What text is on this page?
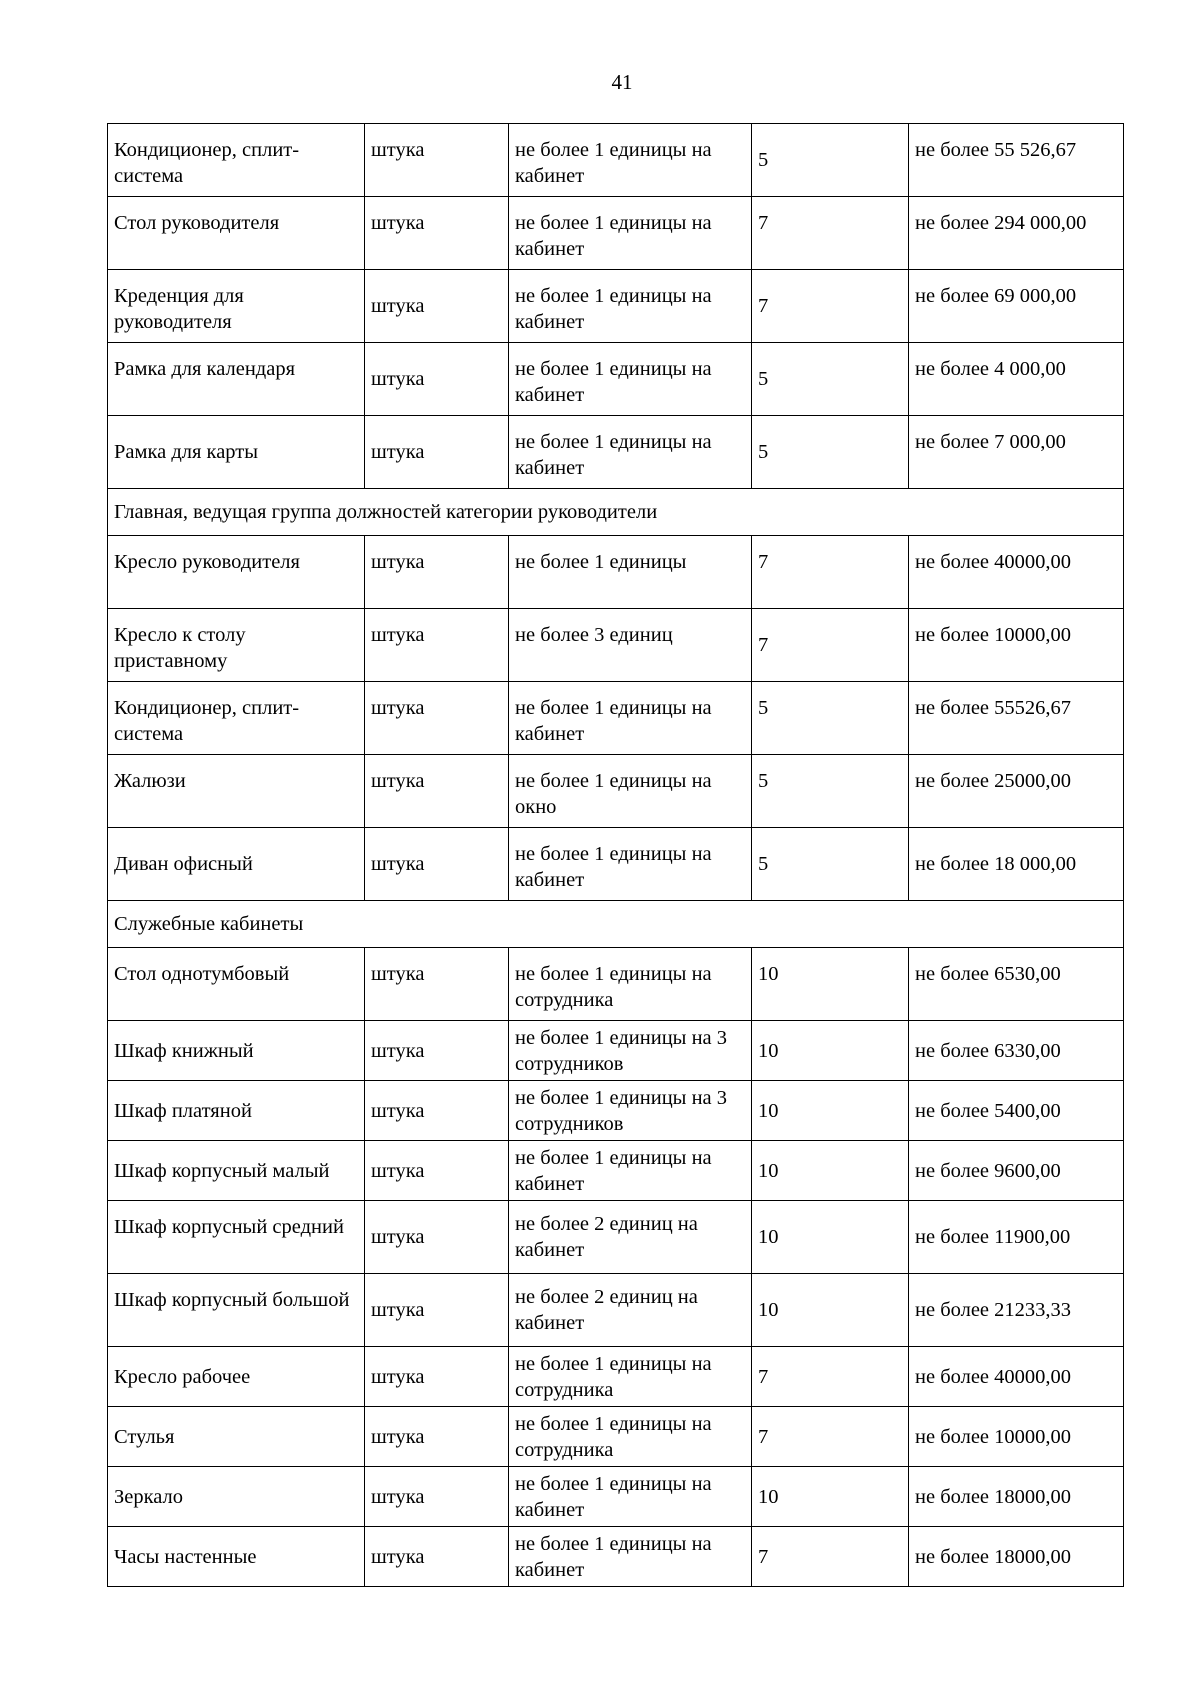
41
Кондиционер, сплит-система	штука	не более 1 единицы на кабинет	5	не более 55 526,67
Стол руководителя	штука	не более 1 единицы на кабинет	7	не более 294 000,00
Креденция для руководителя	штука	не более 1 единицы на кабинет	7	не более 69 000,00
Рамка для календаря	штука	не более 1 единицы на кабинет	5	не более 4 000,00
Рамка для карты	штука	не более 1 единицы на кабинет	5	не более 7 000,00
Главная, ведущая группа должностей категории руководители				
Кресло руководителя	штука	не более 1 единицы	7	не более 40000,00
Кресло к столу приставному	штука	не более 3 единиц	7	не более 10000,00
Кондиционер, сплит-система	штука	не более 1 единицы на кабинет	5	не более 55526,67
Жалюзи	штука	не более 1 единицы на окно	5	не более 25000,00
Диван офисный	штука	не более 1 единицы на кабинет	5	не более 18 000,00
Служебные кабинеты				
Стол однотумбовый	штука	не более 1 единицы на сотрудника	10	не более 6530,00
Шкаф книжный	штука	не более 1 единицы на 3 сотрудников	10	не более 6330,00
Шкаф платяной	штука	не более 1 единицы на 3 сотрудников	10	не более 5400,00
Шкаф корпусный малый	штука	не более 1 единицы на кабинет	10	не более 9600,00
Шкаф корпусный средний	штука	не более 2 единиц на кабинет	10	не более 11900,00
Шкаф корпусный большой	штука	не более 2 единиц на кабинет	10	не более 21233,33
Кресло рабочее	штука	не более 1 единицы на сотрудника	7	не более 40000,00
Стулья	штука	не более 1 единицы на сотрудника	7	не более 10000,00
Зеркало	штука	не более 1 единицы на кабинет	10	не более 18000,00
Часы настенные	штука	не более 1 единицы на кабинет	7	не более 18000,00
